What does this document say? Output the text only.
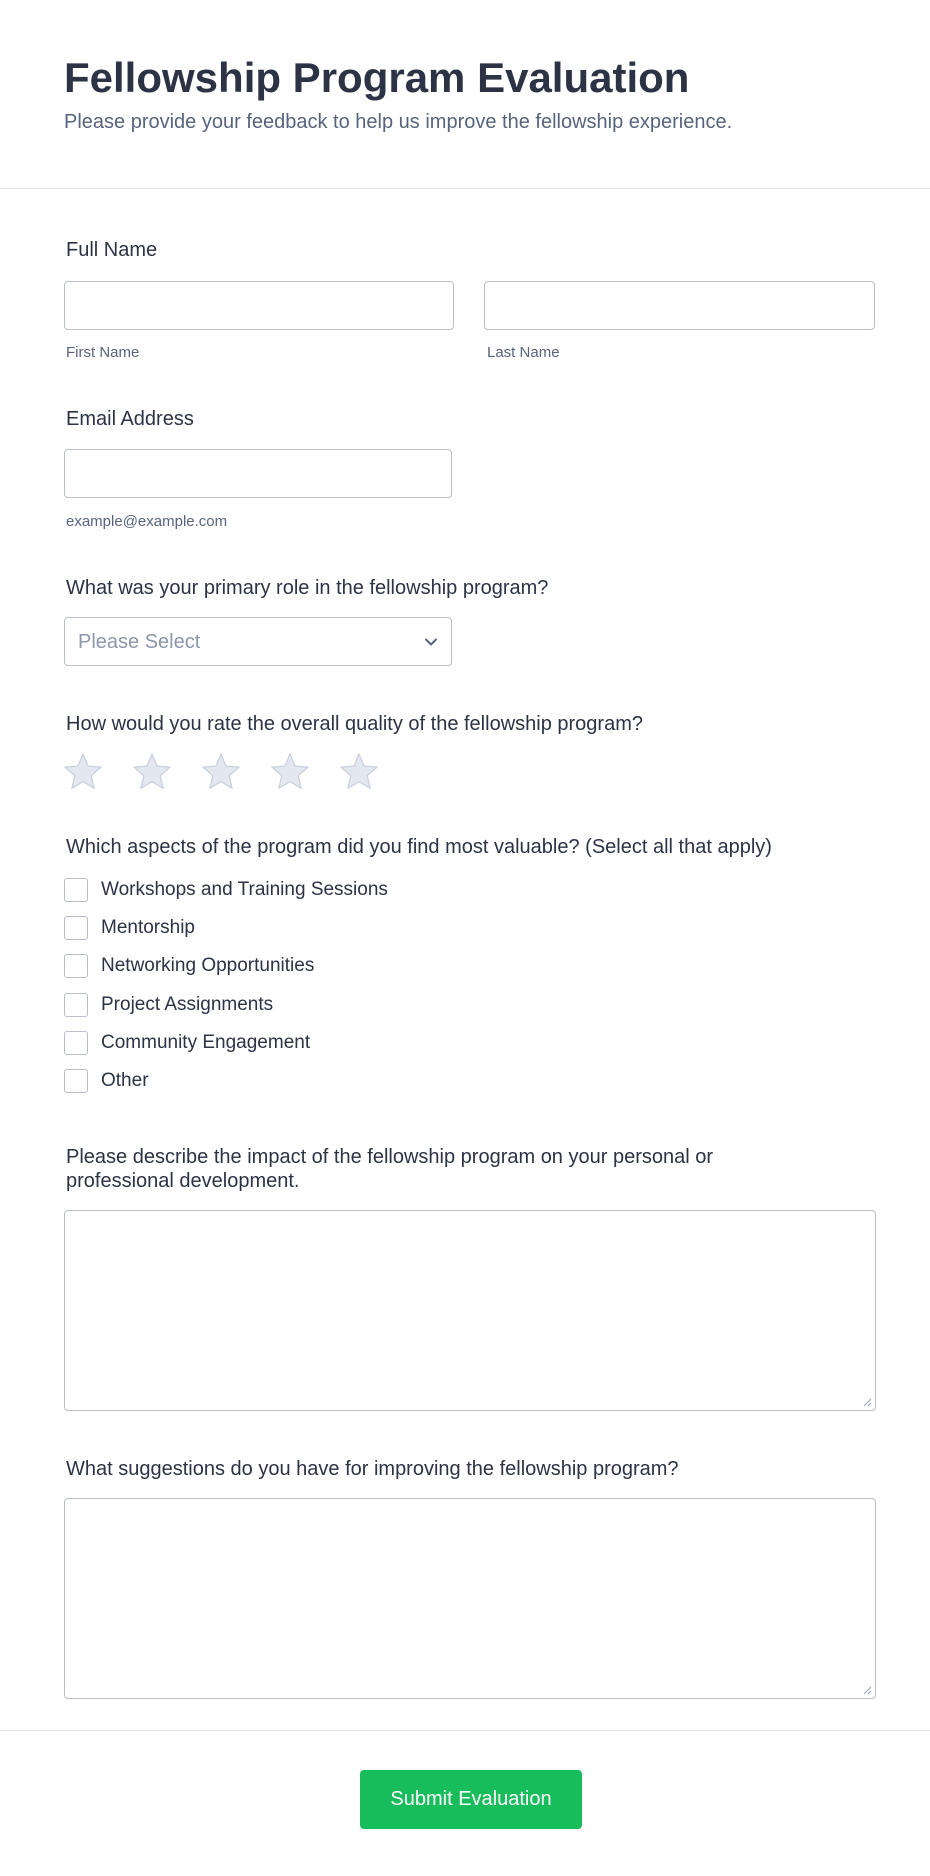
Fellowship Program Evaluation

Please provide your feedback to help us improve the fellowship experience.

Full Name
First Name	Last Name
Email Address
example@example.com
What was your primary role in the fellowship program?
Please Select
How would you rate the overall quality of the fellowship program?
Which aspects of the program did you find most valuable? (Select all that apply)
Workshops and Training Sessions
Mentorship
Networking Opportunities
Project Assignments
Community Engagement
Other
Please describe the impact of the fellowship program on your personal or
professional development.
What suggestions do you have for improving the fellowship program?
Submit Evaluation
